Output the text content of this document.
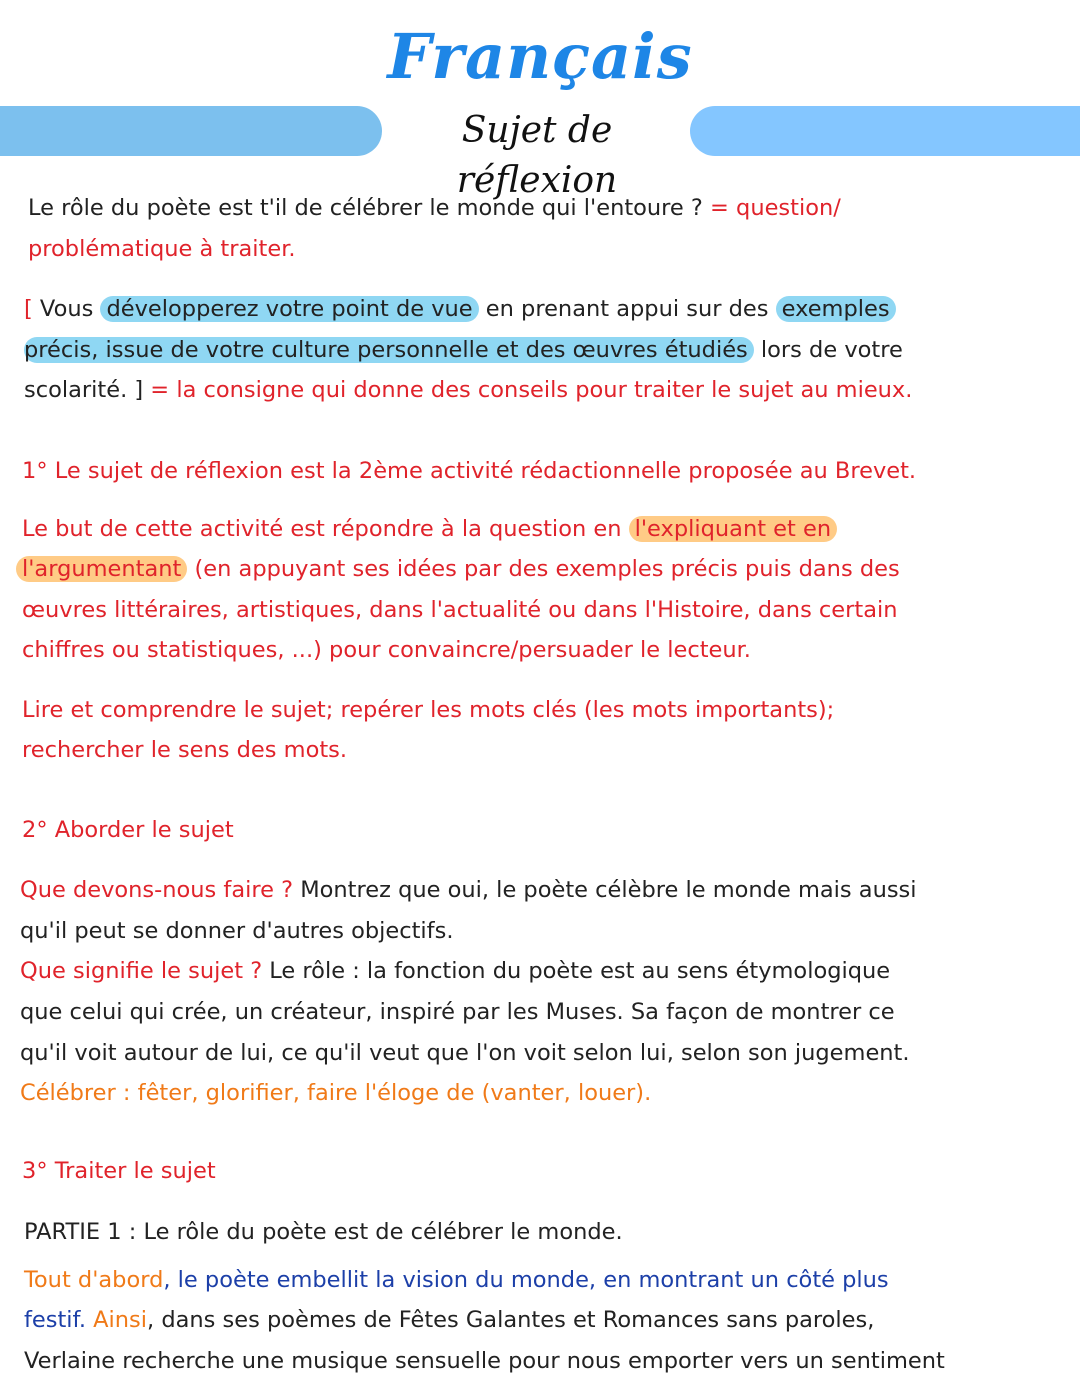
Français
Sujet de réflexion

Le rôle du poète est t'il de célébrer le monde qui l'entoure ? = question/

problématique à traiter.

[ Vous développerez votre point de vue en prenant appui sur des exemples

précis, issue de votre culture personnelle et des œuvres étudiés lors de votre

scolarité. ] = la consigne qui donne des conseils pour traiter le sujet au mieux.

1° Le sujet de réflexion est la 2ème activité rédactionnelle proposée au Brevet.

Le but de cette activité est répondre à la question en l'expliquant et en

l'argumentant (en appuyant ses idées par des exemples précis puis dans des

œuvres littéraires, artistiques, dans l'actualité ou dans l'Histoire, dans certain

chiffres ou statistiques, ...) pour convaincre/persuader le lecteur.

Lire et comprendre le sujet; repérer les mots clés (les mots importants);

rechercher le sens des mots.

2° Aborder le sujet

Que devons-nous faire ? Montrez que oui, le poète célèbre le monde mais aussi

qu'il peut se donner d'autres objectifs.

Que signifie le sujet ? Le rôle : la fonction du poète est au sens étymologique

que celui qui crée, un créateur, inspiré par les Muses. Sa façon de montrer ce

qu'il voit autour de lui, ce qu'il veut que l'on voit selon lui, selon son jugement.

Célébrer : fêter, glorifier, faire l'éloge de (vanter, louer).

3° Traiter le sujet

PARTIE 1 : Le rôle du poète est de célébrer le monde.

Tout d'abord, le poète embellit la vision du monde, en montrant un côté plus

festif. Ainsi, dans ses poèmes de Fêtes Galantes et Romances sans paroles,

Verlaine recherche une musique sensuelle pour nous emporter vers un sentiment
